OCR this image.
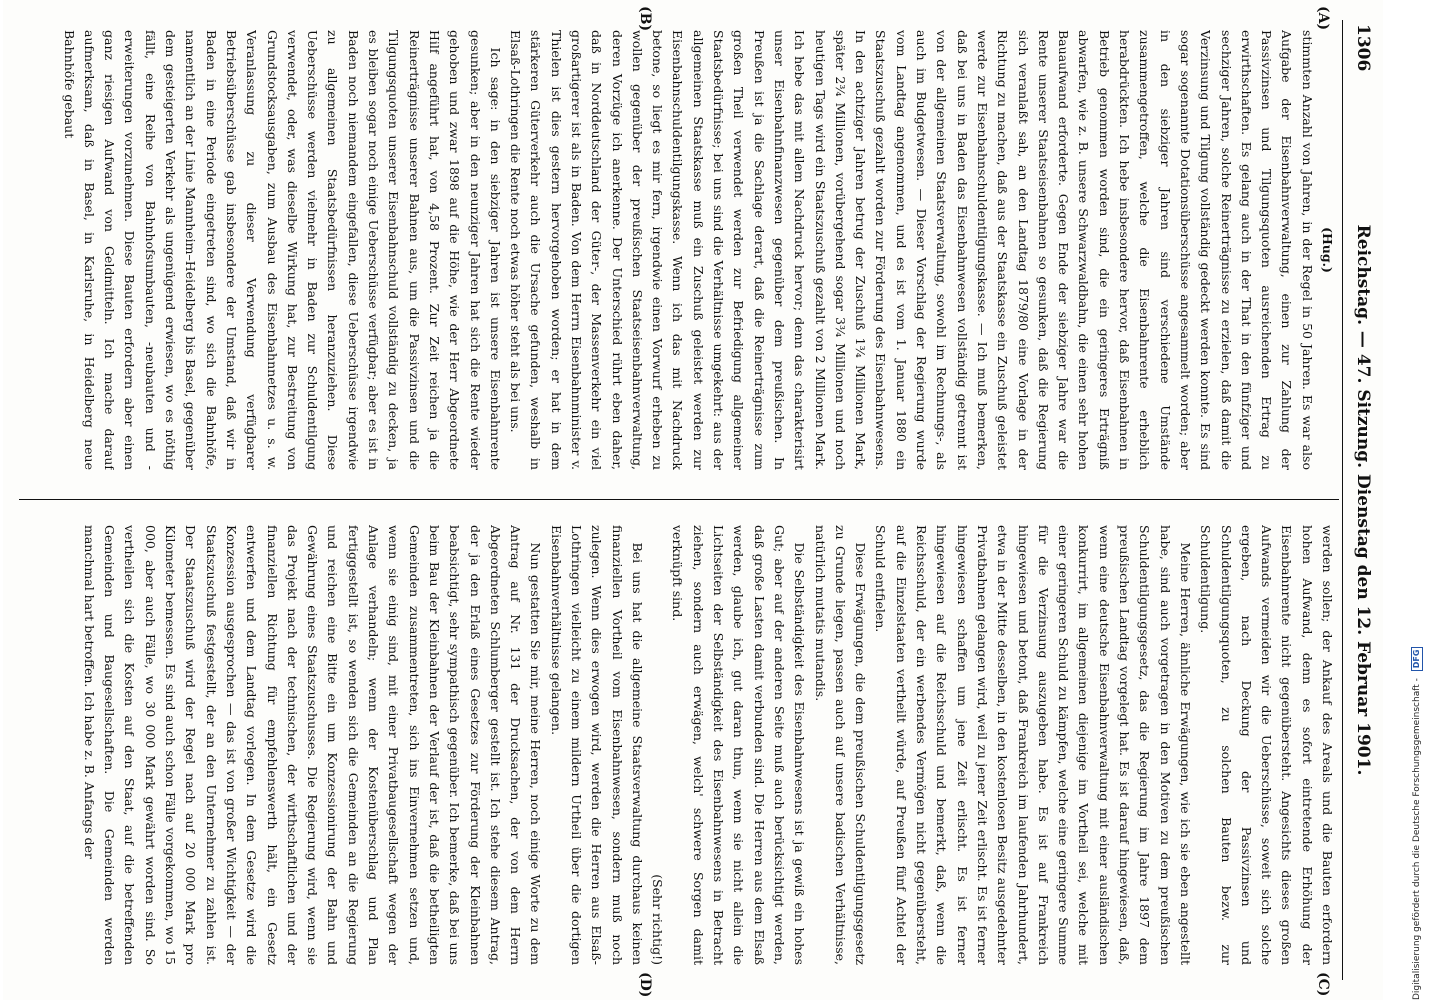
1306
Reichstag. — 47. Sitzung. Dienstag den 12. Februar 1901.
(A)
(B)
(C)
(D)

(Hug.)

stimmten Anzahl von Jahren, in der Regel in 50 Jahren. Es war also Aufgabe der Eisenbahnverwaltung, einen zur Zahlung der Passivzinsen und Tilgungsquoten ausreichenden Ertrag zu erwirthschaften. Es gelang auch in der That in den fünfziger und sechziger Jahren, solche Reinerträgnisse zu erzielen, daß damit die Verzinsung und Tilgung vollständig gedeckt werden konnte. Es sind sogar sogenannte Dotationsüberschüsse angesammelt worden; aber in den siebziger Jahren sind verschiedene Umstände zusammengetroffen, welche die Eisenbahnrente erheblich herabdrückten. Ich hebe insbesondere hervor, daß Eisenbahnen in Betrieb genommen worden sind, die ein geringeres Erträgniß abwarfen, wie z. B. unsere Schwarzwaldbahn, die einen sehr hohen Bauaufwand erforderte. Gegen Ende der siebziger Jahre war die Rente unserer Staatseisenbahnen so gesunken, daß die Regierung sich veranlaßt sah, an den Landtag 1879/80 eine Vorlage in der Richtung zu machen, daß aus der Staatskasse ein Zuschuß geleistet werde zur Eisenbahnschuldentilgungskasse. — Ich muß bemerken, daß bei uns in Baden das Eisenbahnwesen vollständig getrennt ist von der allgemeinen Staatsverwaltung, sowohl im Rechnungs-, als auch im Budgetwesen. — Dieser Vorschlag der Regierung wurde vom Landtag angenommen, und es ist vom 1. Januar 1880 ein Staatszuschuß gezahlt worden zur Förderung des Eisenbahnwesens. In den achtziger Jahren betrug der Zuschuß 1¾ Millionen Mark, später 2¾ Millionen, vorübergehend sogar 3¾ Millionen und noch heutigen Tags wird ein Staatszuschuß gezahlt von 2 Millionen Mark. Ich hebe das mit allem Nachdruck hervor; denn das charakterisirt unser Eisenbahnfinanzwesen gegenüber dem preußischen. In Preußen ist ja die Sachlage derart, daß die Reinerträgnisse zum großen Theil verwendet werden zur Befriedigung allgemeiner Staatsbedürfnisse; bei uns sind die Verhältnisse umgekehrt: aus der allgemeinen Staatskasse muß ein Zuschuß geleistet werden zur Eisenbahnschuldentilgungskasse. Wenn ich das mit Nachdruck betone, so liegt es mir fern, irgendwie einen Vorwurf erheben zu wollen gegenüber der preußischen Staatseisenbahnverwaltung, deren Vorzüge ich anerkenne. Der Unterschied rührt eben daher, daß in Norddeutschland der Güter-, der Massenverkehr ein viel großartigerer ist als in Baden. Von dem Herrn Eisenbahnminister v. Thielen ist dies gestern hervorgehoben worden; er hat in dem stärkeren Güterverkehr auch die Ursache gefunden, weshalb in Elsaß-Lothringen die Rente noch etwas höher steht als bei uns.

Ich sage: in den siebziger Jahren ist unsere Eisenbahnrente gesunken; aber in den neunziger Jahren hat sich die Rente wieder gehoben und zwar 1898 auf die Höhe, wie der Herr Abgeordnete Hilf angeführt hat, von 4,58 Prozent. Zur Zeit reichen ja die Reinerträgnisse unserer Bahnen aus, um die Passivzinsen und die Tilgungsquoten unserer Eisenbahnschuld vollständig zu decken, ja es bleiben sogar noch einige Ueberschüsse verfügbar; aber es ist in Baden noch niemandem eingefallen, diese Ueberschüsse irgendwie zu allgemeinen Staatsbedürfnissen heranzuziehen. Diese Ueberschüsse werden vielmehr in Baden zur Schuldentilgung verwendet, oder, was dieselbe Wirkung hat, zur Bestreitung von Grundstocksausgaben, zum Ausbau des Eisenbahnnetzes u. s. w. Veranlassung zu dieser Verwendung verfügbarer Betriebsüberschüsse gab insbesondere der Umstand, daß wir in Baden in eine Periode eingetreten sind, wo sich die Bahnhöfe, namentlich an der Linie Mannheim–Heidelberg bis Basel, gegenüber dem gesteigerten Verkehr als ungenügend erwiesen, wo es nöthig fällt, eine Reihe von Bahnhofsumbauten, -neubauten und -erweiterungen vorzunehmen. Diese Bauten erfordern aber einen ganz riesigen Aufwand von Geldmitteln. Ich mache darauf aufmerksam, daß in Basel, in Karlsruhe, in Heidelberg neue Bahnhöfe gebaut

werden sollen; der Ankauf des Areals und die Bauten erfordern hohen Aufwand, denn es sofort eintretende Erhöhung der Eisenbahnrente nicht gegenübersteht. Angesichts dieses großen Aufwands vermeiden wir die Ueberschüsse, soweit sich solche ergeben, nach Deckung der Passivzinsen und Schuldentilgungsquoten, zu solchen Bauten bezw. zur Schuldentilgung.

Meine Herren, ähnliche Erwägungen, wie ich sie eben angestellt habe, sind auch vorgetragen in den Motiven zu dem preußischen Schuldentilgungsgesetz, das die Regierung im Jahre 1897 dem preußischen Landtag vorgelegt hat. Es ist darauf hingewiesen, daß, wenn eine deutsche Eisenbahnverwaltung mit einer ausländischen konkurrirt, im allgemeinen diejenige im Vortheil sei, welche mit einer geringeren Schuld zu kämpfen, welche eine geringere Summe für die Verzinsung auszugeben habe. Es ist auf Frankreich hingewiesen und betont, daß Frankreich im laufenden Jahrhundert, etwa in der Mitte desselben, in den kostenlosen Besitz ausgedehnter Privatbahnen gelangen wird, weil zu jener Zeit erlischt. Es ist ferner hingewiesen schaffen um jene Zeit erlischt. Es ist ferner hingewiesen auf die Reichsschuld und bemerkt, daß, wenn die Reichsschuld, der ein werbendes Vermögen nicht gegenübersteht, auf die Einzelstaaten vertheilt würde, auf Preußen fünf Achtel der Schuld entfielen.

Diese Erwägungen, die dem preußischen Schuldentilgungsgesetz zu Grunde liegen, passen auch auf unsere badischen Verhältnisse, natürlich mutatis mutandis.

Die Selbständigkeit des Eisenbahnwesens ist ja gewiß ein hohes Gut; aber auf der anderen Seite muß auch berücksichtigt werden, daß große Lasten damit verbunden sind. Die Herren aus dem Elsaß werden, glaube ich, gut daran thun, wenn sie nicht allein die Lichtseiten der Selbständigkeit des Eisenbahnwesens in Betracht ziehen, sondern auch erwägen, welch' schwere Sorgen damit verknüpft sind.

(Sehr richtig!)

Bei uns hat die allgemeine Staatsverwaltung durchaus keinen finanziellen Vortheil vom Eisenbahnwesen, sondern muß noch zulegen. Wenn dies erwogen wird, werden die Herren aus Elsaß-Lothringen vielleicht zu einem mildern Urtheil über die dortigen Eisenbahnverhältnisse gelangen.

Nun gestatten Sie mir, meine Herren, noch einige Worte zu dem Antrag auf Nr. 131 der Drucksachen, der von dem Herrn Abgeordneten Schlumberger gestellt ist. Ich stehe diesem Antrag, der ja den Erlaß eines Gesetzes zur Förderung der Kleinbahnen beabsichtigt, sehr sympathisch gegenüber. Ich bemerke, daß bei uns beim Bau der Kleinbahnen der Verlauf der ist, daß die betheiligten Gemeinden zusammentreten, sich ins Einvernehmen setzen und, wenn sie einig sind, mit einer Privatbaugesellschaft wegen der Anlage verhandeln; wenn der Kostenüberschlag und Plan fertiggestellt ist, so wenden sich die Gemeinden an die Regierung und reichen eine Bitte ein um Konzessionirung der Bahn und Gewährung eines Staatszuschusses. Die Regierung wird, wenn sie das Projekt nach der technischen, der wirthschaftlichen und der finanziellen Richtung für empfehlenswerth hält, ein Gesetz entwerfen und dem Landtag vorlegen. In dem Gesetze wird die Konzession ausgesprochen — das ist von großer Wichtigkeit — der Staatszuschuß festgestellt, der an den Unternehmer zu zahlen ist. Der Staatszuschuß wird der Regel nach auf 20 000 Mark pro Kilometer bemessen. Es sind auch schon Fälle vorgekommen, wo 15 000, aber auch Fälle, wo 30 000 Mark gewährt worden sind. So vertheilen sich die Kosten auf den Staat, auf die betreffenden Gemeinden und Baugesellschaften. Die Gemeinden werden manchmal hart betroffen. Ich habe z. B. Anfangs der	Digitalisierung gefördert durch die Deutsche Forschungsgemeinschaft - DFG
